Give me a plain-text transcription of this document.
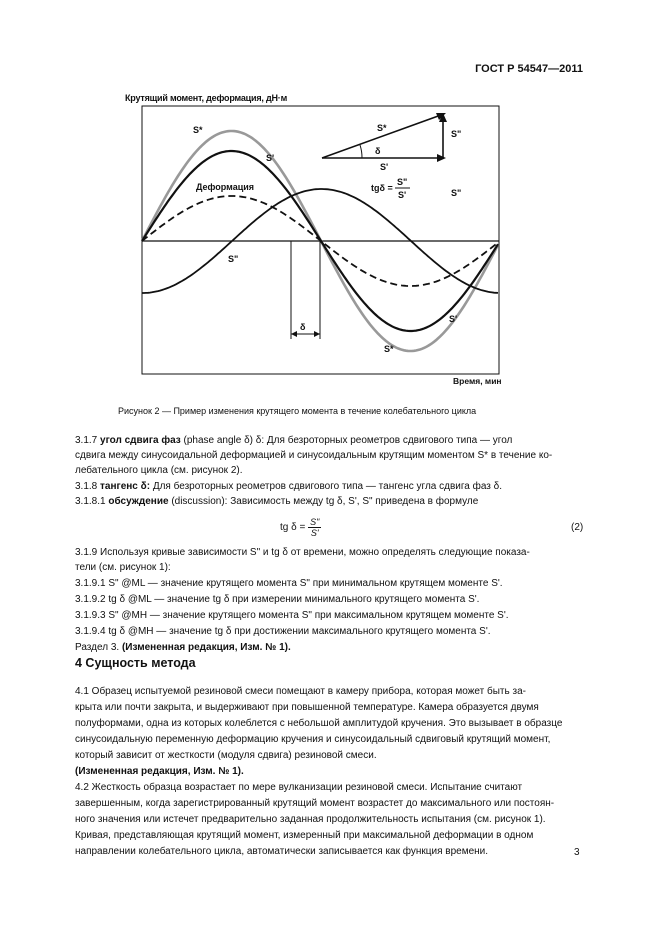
ГОСТ Р 54547—2011
Крутящий момент, деформация, дН·м
S*
S'
Деформация
S"
S"
S'
S*
δ
S*
S"
δ
S'
tgδ =
S"
S'
Время, мин
Рисунок 2 — Пример изменения крутящего момента в течение колебательного цикла
3.1.7 угол сдвига фаз (phase angle δ) δ: Для безроторных реометров сдвигового типа — угол
сдвига между синусоидальной деформацией и синусоидальным крутящим моментом S* в течение ко-
лебательного цикла (см. рисунок 2).
3.1.8 тангенс δ: Для безроторных реометров сдвигового типа — тангенс угла сдвига фаз δ.
3.1.8.1 обсуждение (discussion): Зависимость между tg δ, S', S" приведена в формуле
tg $\delta = \frac{S"}{S'}$	(2)
3.1.9 Используя кривые зависимости S" и tg δ от времени, можно определять следующие показа-
тели (см. рисунок 1):
3.1.9.1 S" @ML — значение крутящего момента S" при минимальном крутящем моменте S'.
3.1.9.2 tg δ @ML — значение tg δ при измерении минимального крутящего момента S'.
3.1.9.3 S" @MH — значение крутящего момента S" при максимальном крутящем моменте S'.
3.1.9.4 tg δ @MH — значение tg δ при достижении максимального крутящего момента S'.
Раздел 3. (Измененная редакция, Изм. № 1).
4 Сущность метода
4.1 Образец испытуемой резиновой смеси помещают в камеру прибора, которая может быть за-
крыта или почти закрыта, и выдерживают при повышенной температуре. Камера образуется двумя
полуформами, одна из которых колеблется с небольшой амплитудой кручения. Это вызывает в образце
синусоидальную переменную деформацию кручения и синусоидальный сдвиговый крутящий момент,
который зависит от жесткости (модуля сдвига) резиновой смеси.
(Измененная редакция, Изм. № 1).
4.2 Жесткость образца возрастает по мере вулканизации резиновой смеси. Испытание считают
завершенным, когда зарегистрированный крутящий момент возрастет до максимального или постоян-
ного значения или истечет предварительно заданная продолжительность испытания (см. рисунок 1).
Кривая, представляющая крутящий момент, измеренный при максимальной деформации в одном
направлении колебательного цикла, автоматически записывается как функция времени.	3
